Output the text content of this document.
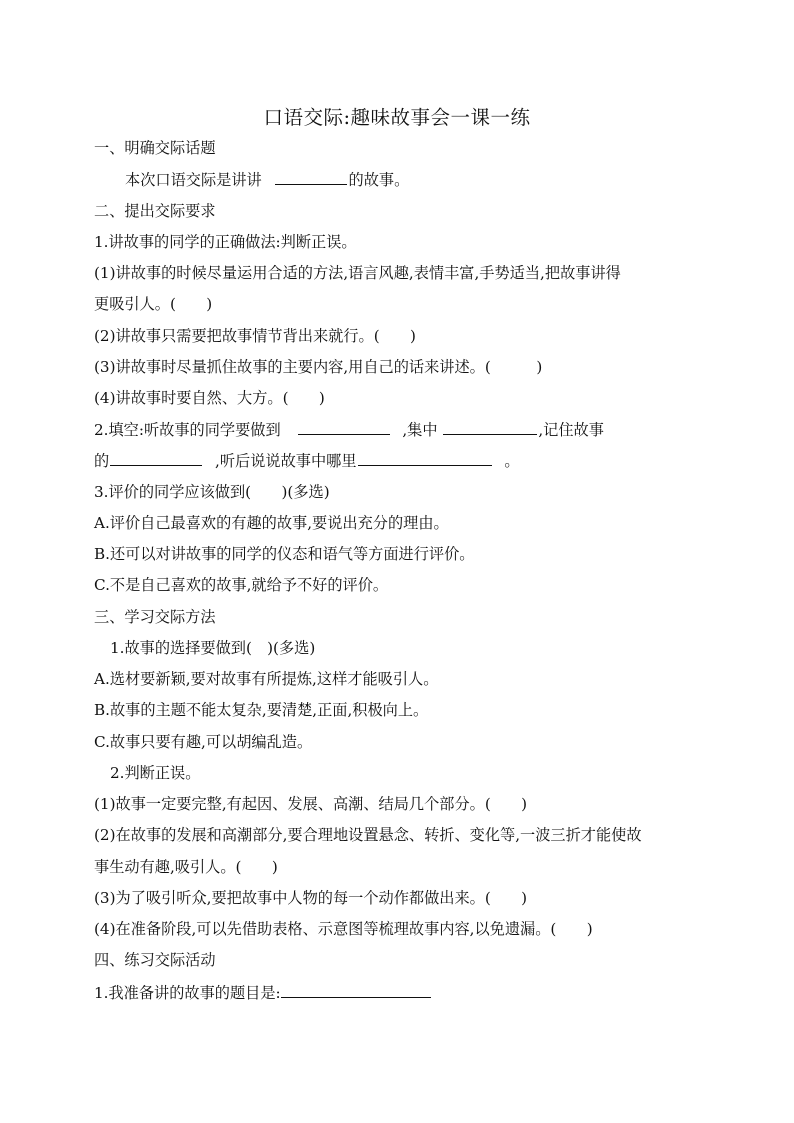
口语交际:趣味故事会一课一练
一、明确交际话题
本次口语交际是讲讲	的故事。
二、提出交际要求
1.讲故事的同学的正确做法:判断正误。
(1)讲故事的时候尽量运用合适的方法,语言风趣,表情丰富,手势适当,把故事讲得
更吸引人。(　　)
(2)讲故事只需要把故事情节背出来就行。(　　)
(3)讲故事时尽量抓住故事的主要内容,用自己的话来讲述。(　　　)
(4)讲故事时要自然、大方。(　　)
2.填空:听故事的同学要做到	,集中	,记住故事
的	,听后说说故事中哪里	。
3.评价的同学应该做到(　　)(多选)
A.评价自己最喜欢的有趣的故事,要说出充分的理由。
B.还可以对讲故事的同学的仪态和语气等方面进行评价。
C.不是自己喜欢的故事,就给予不好的评价。
三、学习交际方法
1.故事的选择要做到(　)(多选)
A.选材要新颖,要对故事有所提炼,这样才能吸引人。
B.故事的主题不能太复杂,要清楚,正面,积极向上。
C.故事只要有趣,可以胡编乱造。
2.判断正误。
(1)故事一定要完整,有起因、发展、高潮、结局几个部分。(　　)
(2)在故事的发展和高潮部分,要合理地设置悬念、转折、变化等,一波三折才能使故
事生动有趣,吸引人。(　　)
(3)为了吸引听众,要把故事中人物的每一个动作都做出来。(　　)
(4)在准备阶段,可以先借助表格、示意图等梳理故事内容,以免遗漏。(　　)
四、练习交际活动
1.我准备讲的故事的题目是:
